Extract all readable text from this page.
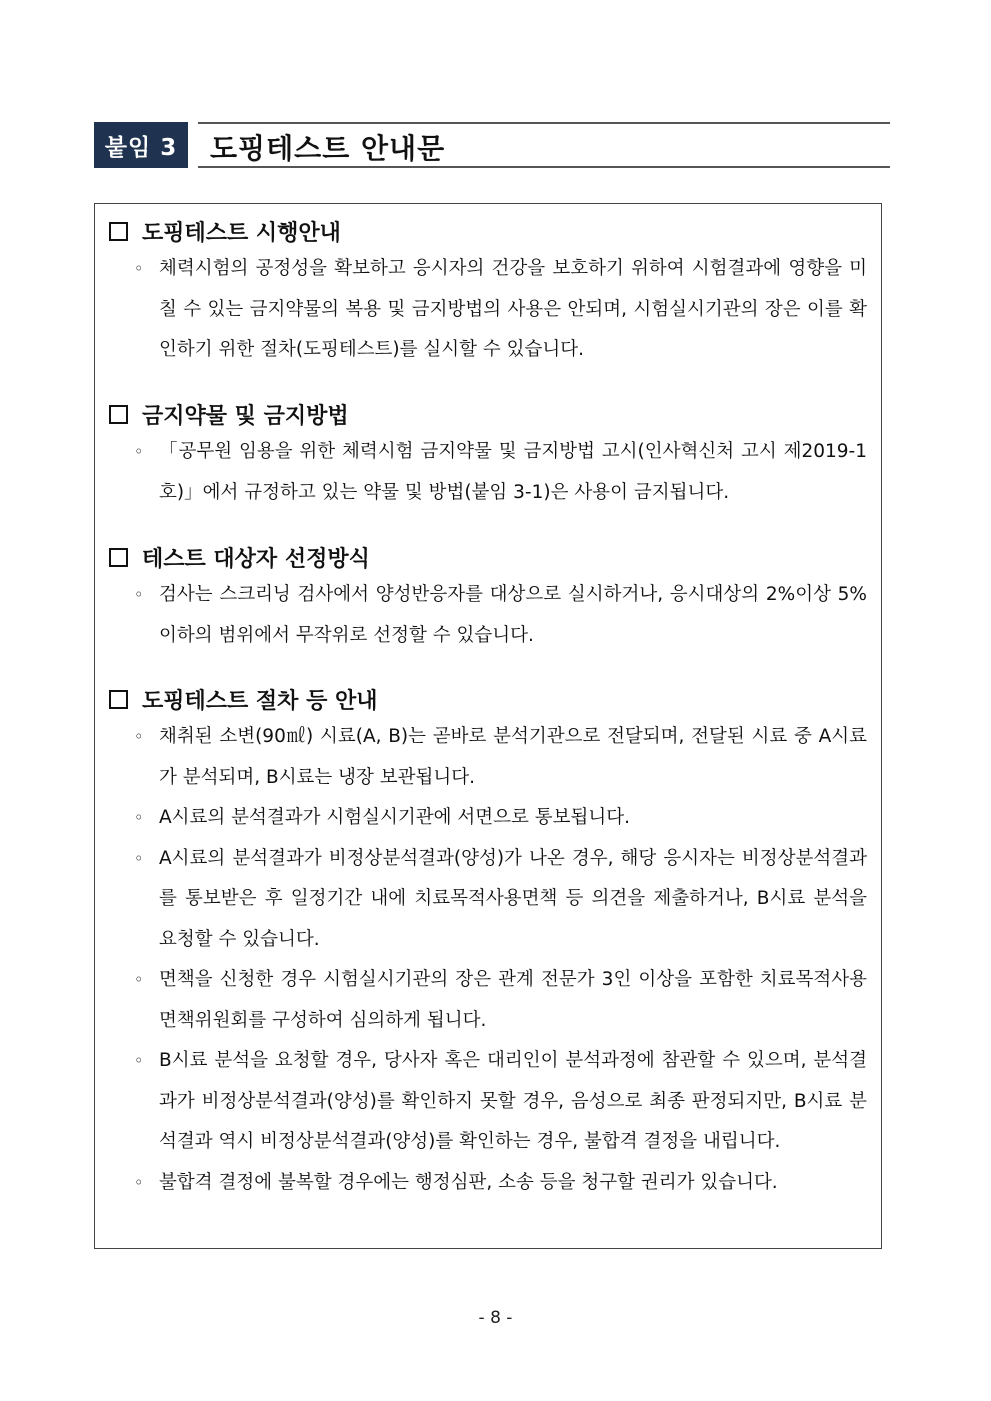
붙임 3	도핑테스트 안내문
도핑테스트 시행안내
◦ 체력시험의 공정성을 확보하고 응시자의 건강을 보호하기 위하여 시험결과에 영향을 미칠 수 있는 금지약물의 복용 및 금지방법의 사용은 안되며, 시험실시기관의 장은 이를 확인하기 위한 절차(도핑테스트)를 실시할 수 있습니다.
금지약물 및 금지방법
◦ 「공무원 임용을 위한 체력시험 금지약물 및 금지방법 고시(인사혁신처 고시 제2019-1호)」에서 규정하고 있는 약물 및 방법(붙임 3-1)은 사용이 금지됩니다.
테스트 대상자 선정방식
◦ 검사는 스크리닝 검사에서 양성반응자를 대상으로 실시하거나, 응시대상의 2%이상 5%이하의 범위에서 무작위로 선정할 수 있습니다.
도핑테스트 절차 등 안내
◦ 채취된 소변(90㎖) 시료(A, B)는 곧바로 분석기관으로 전달되며, 전달된 시료 중 A시료가 분석되며, B시료는 냉장 보관됩니다.
◦ A시료의 분석결과가 시험실시기관에 서면으로 통보됩니다.
◦ A시료의 분석결과가 비정상분석결과(양성)가 나온 경우, 해당 응시자는 비정상분석결과를 통보받은 후 일정기간 내에 치료목적사용면책 등 의견을 제출하거나, B시료 분석을 요청할 수 있습니다.
◦ 면책을 신청한 경우 시험실시기관의 장은 관계 전문가 3인 이상을 포함한 치료목적사용 면책위원회를 구성하여 심의하게 됩니다.
◦ B시료 분석을 요청할 경우, 당사자 혹은 대리인이 분석과정에 참관할 수 있으며, 분석결과가 비정상분석결과(양성)를 확인하지 못할 경우, 음성으로 최종 판정되지만, B시료 분석결과 역시 비정상분석결과(양성)를 확인하는 경우, 불합격 결정을 내립니다.
◦ 불합격 결정에 불복할 경우에는 행정심판, 소송 등을 청구할 권리가 있습니다.
- 8 -
